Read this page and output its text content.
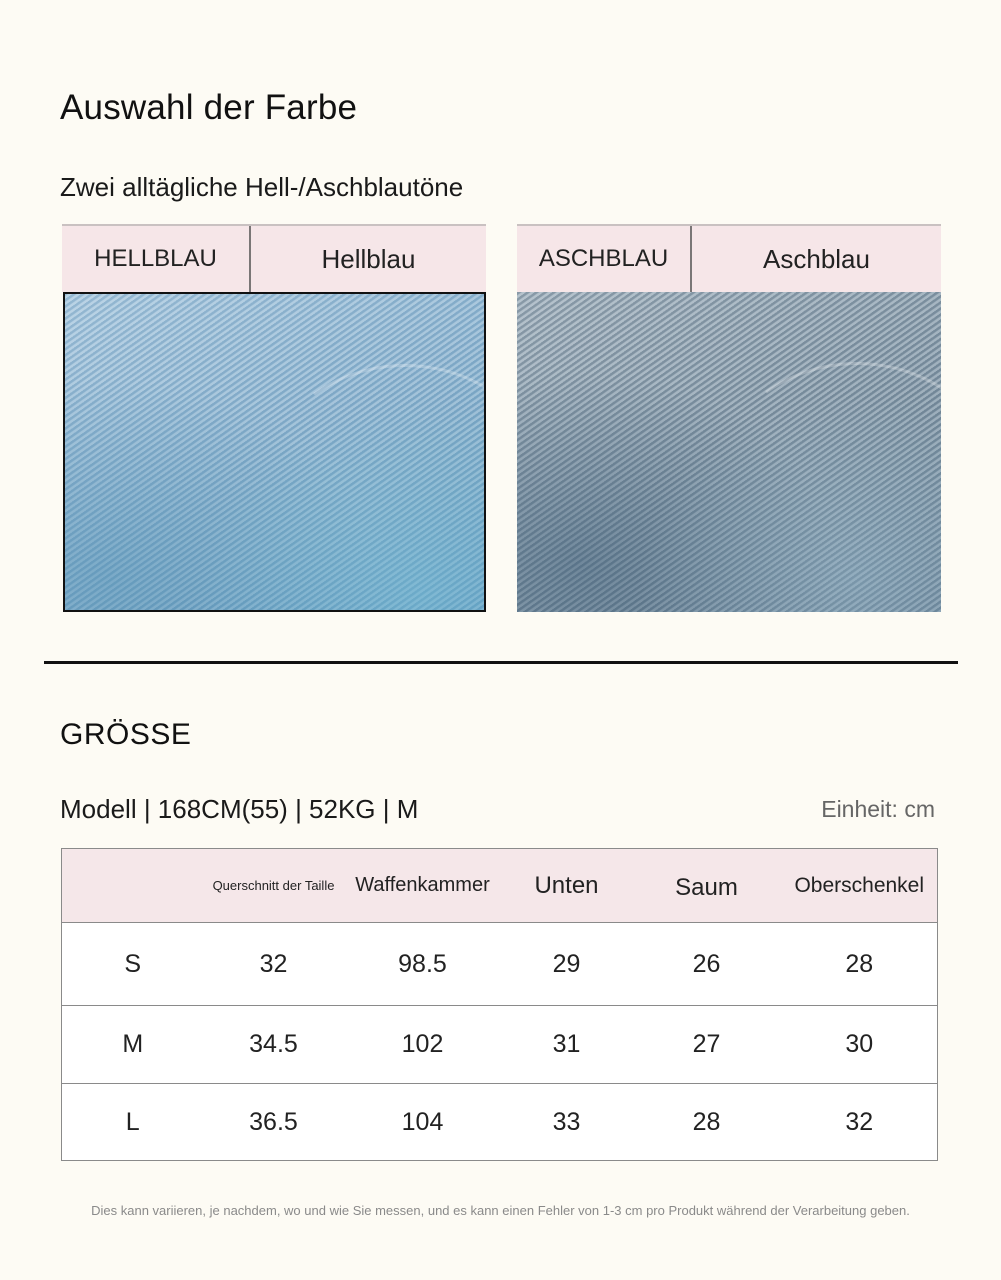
Auswahl der Farbe
Zwei alltägliche Hell-/Aschblautöne
HELLBLAU	Hellblau	ASCHBLAU	Aschblau
GRÖSSE
Modell | 168CM(55) | 52KG | M	Einheit: cm
	Querschnitt der Taille	Waffenkammer	Unten	Saum	Oberschenkel
S	32	98.5	29	26	28
M	34.5	102	31	27	30
L	36.5	104	33	28	32
Dies kann variieren, je nachdem, wo und wie Sie messen, und es kann einen Fehler von 1-3 cm pro Produkt während der Verarbeitung geben.
